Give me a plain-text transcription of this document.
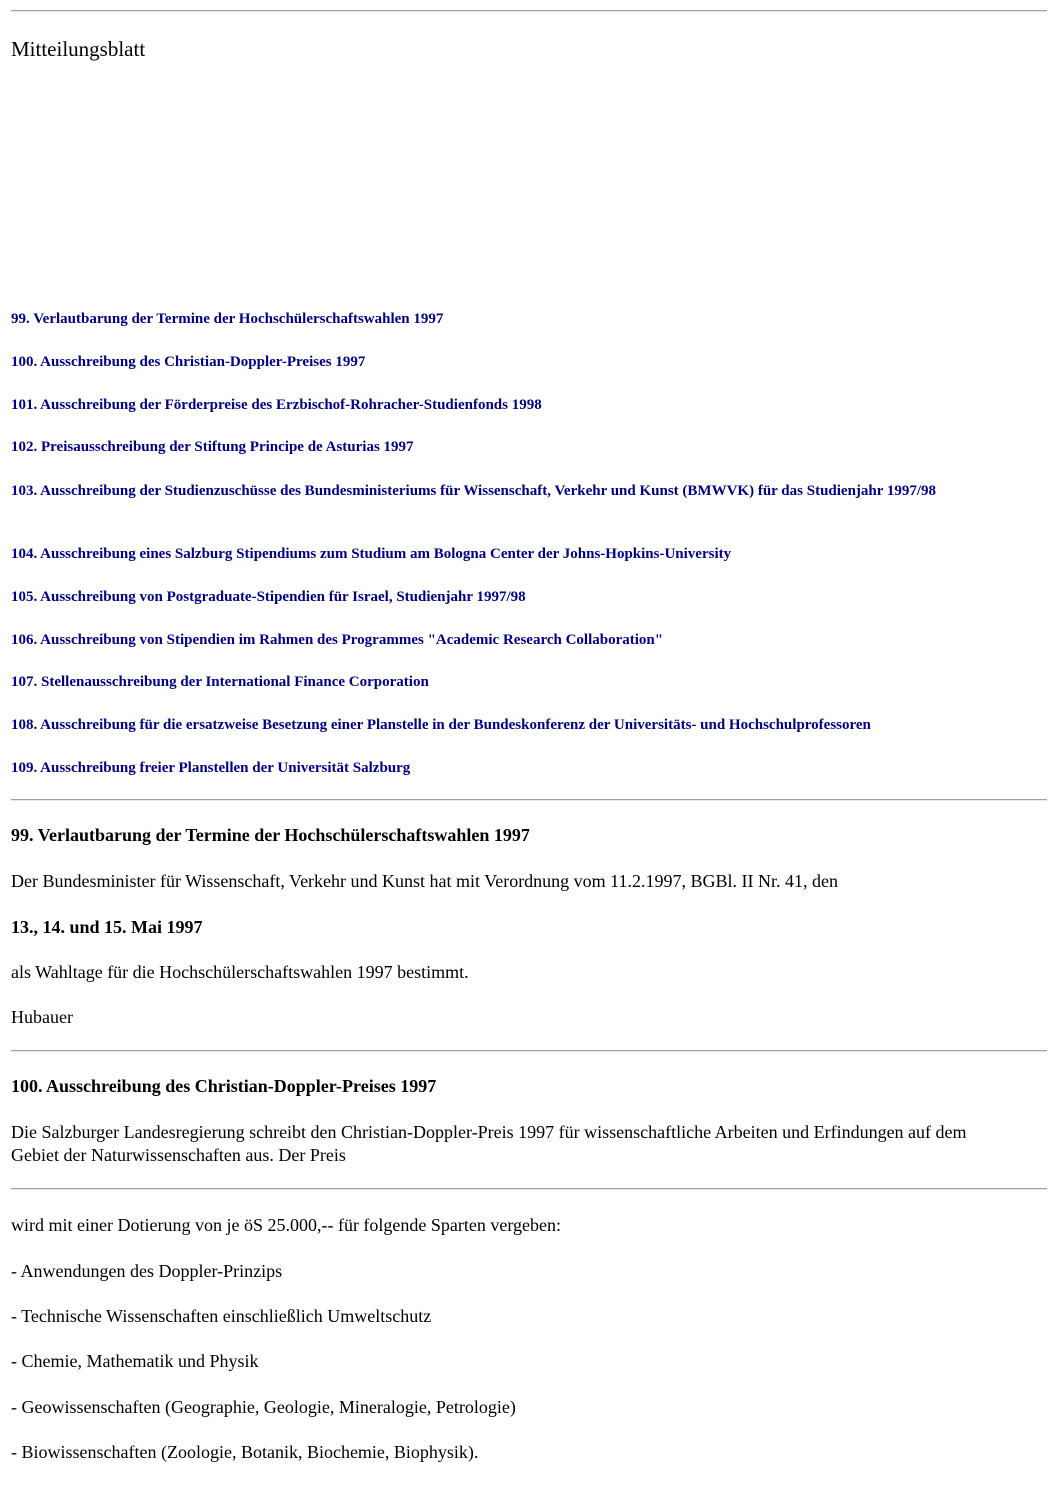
Mitteilungsblatt
99. Verlautbarung der Termine der Hochschülerschaftswahlen 1997
100. Ausschreibung des Christian-Doppler-Preises 1997
101. Ausschreibung der Förderpreise des Erzbischof-Rohracher-Studienfonds 1998
102. Preisausschreibung der Stiftung Principe de Asturias 1997
103. Ausschreibung der Studienzuschüsse des Bundesministeriums für Wissenschaft, Verkehr und Kunst (BMWVK) für das Studienjahr 1997/98
104. Ausschreibung eines Salzburg Stipendiums zum Studium am Bologna Center der Johns-Hopkins-University
105. Ausschreibung von Postgraduate-Stipendien für Israel, Studienjahr 1997/98
106. Ausschreibung von Stipendien im Rahmen des Programmes "Academic Research Collaboration"
107. Stellenausschreibung der International Finance Corporation
108. Ausschreibung für die ersatzweise Besetzung einer Planstelle in der Bundeskonferenz der Universitäts- und Hochschulprofessoren
109. Ausschreibung freier Planstellen der Universität Salzburg
99. Verlautbarung der Termine der Hochschülerschaftswahlen 1997
Der Bundesminister für Wissenschaft, Verkehr und Kunst hat mit Verordnung vom 11.2.1997, BGBl. II Nr. 41, den
13., 14. und 15. Mai 1997
als Wahltage für die Hochschülerschaftswahlen 1997 bestimmt.
Hubauer
100. Ausschreibung des Christian-Doppler-Preises 1997
Die Salzburger Landesregierung schreibt den Christian-Doppler-Preis 1997 für wissenschaftliche Arbeiten und Erfindungen auf dem Gebiet der Naturwissenschaften aus. Der Preis
wird mit einer Dotierung von je öS 25.000,-- für folgende Sparten vergeben:
- Anwendungen des Doppler-Prinzips
- Technische Wissenschaften einschließlich Umweltschutz
- Chemie, Mathematik und Physik
- Geowissenschaften (Geographie, Geologie, Mineralogie, Petrologie)
- Biowissenschaften (Zoologie, Botanik, Biochemie, Biophysik).
